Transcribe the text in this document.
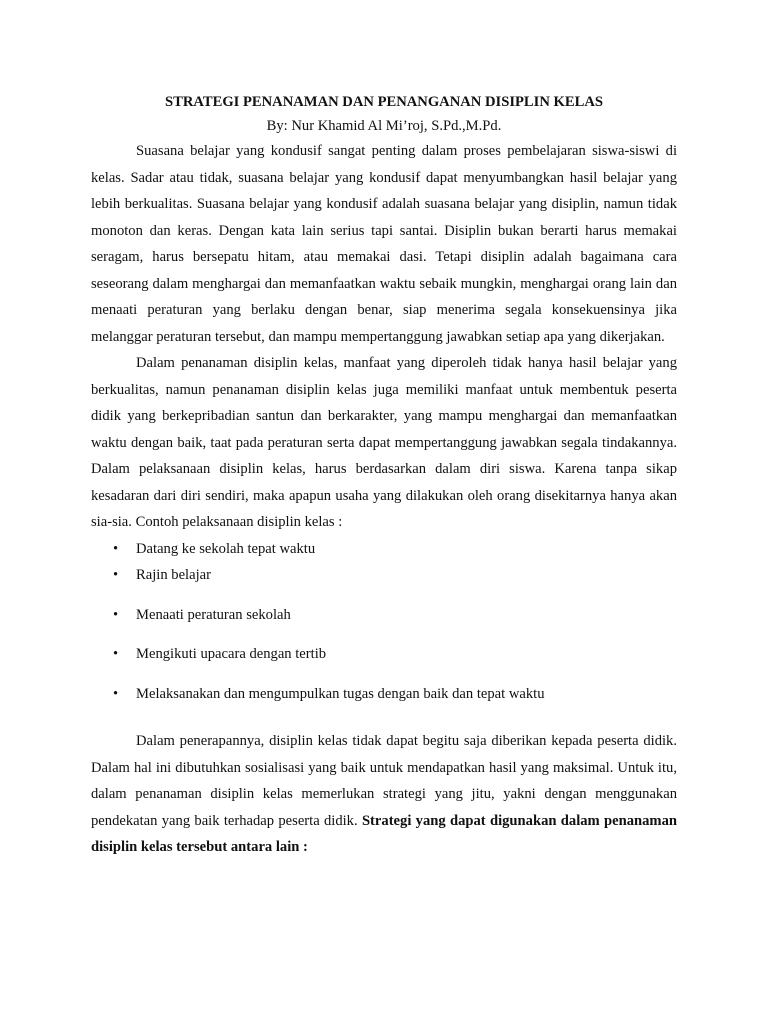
STRATEGI PENANAMAN DAN PENANGANAN DISIPLIN KELAS

By: Nur Khamid Al Mi’roj, S.Pd.,M.Pd.

Suasana belajar yang kondusif sangat penting dalam proses pembelajaran siswa-siswi di kelas. Sadar atau tidak, suasana belajar yang kondusif dapat menyumbangkan hasil belajar yang lebih berkualitas. Suasana belajar yang kondusif adalah suasana belajar yang disiplin, namun tidak monoton dan keras. Dengan kata lain serius tapi santai. Disiplin bukan berarti harus memakai seragam, harus bersepatu hitam, atau memakai dasi. Tetapi disiplin adalah bagaimana cara seseorang dalam menghargai dan memanfaatkan waktu sebaik mungkin, menghargai orang lain dan menaati peraturan yang berlaku dengan benar, siap menerima segala konsekuensinya jika melanggar peraturan tersebut, dan mampu mempertanggung jawabkan setiap apa yang dikerjakan.

Dalam penanaman disiplin kelas, manfaat yang diperoleh tidak hanya hasil belajar yang berkualitas, namun penanaman disiplin kelas juga memiliki manfaat untuk membentuk peserta didik yang berkepribadian santun dan berkarakter, yang mampu menghargai dan memanfaatkan waktu dengan baik, taat pada peraturan serta dapat mempertanggung jawabkan segala tindakannya. Dalam pelaksanaan disiplin kelas, harus berdasarkan dalam diri siswa. Karena tanpa sikap kesadaran dari diri sendiri, maka apapun usaha yang dilakukan oleh orang disekitarnya hanya akan sia-sia. Contoh pelaksanaan disiplin kelas :

• Datang ke sekolah tepat waktu
• Rajin belajar
• Menaati peraturan sekolah
• Mengikuti upacara dengan tertib
• Melaksanakan dan mengumpulkan tugas dengan baik dan tepat waktu

Dalam penerapannya, disiplin kelas tidak dapat begitu saja diberikan kepada peserta didik. Dalam hal ini dibutuhkan sosialisasi yang baik untuk mendapatkan hasil yang maksimal. Untuk itu, dalam penanaman disiplin kelas memerlukan strategi yang jitu, yakni dengan menggunakan pendekatan yang baik terhadap peserta didik. Strategi yang dapat digunakan dalam penanaman disiplin kelas tersebut antara lain :
